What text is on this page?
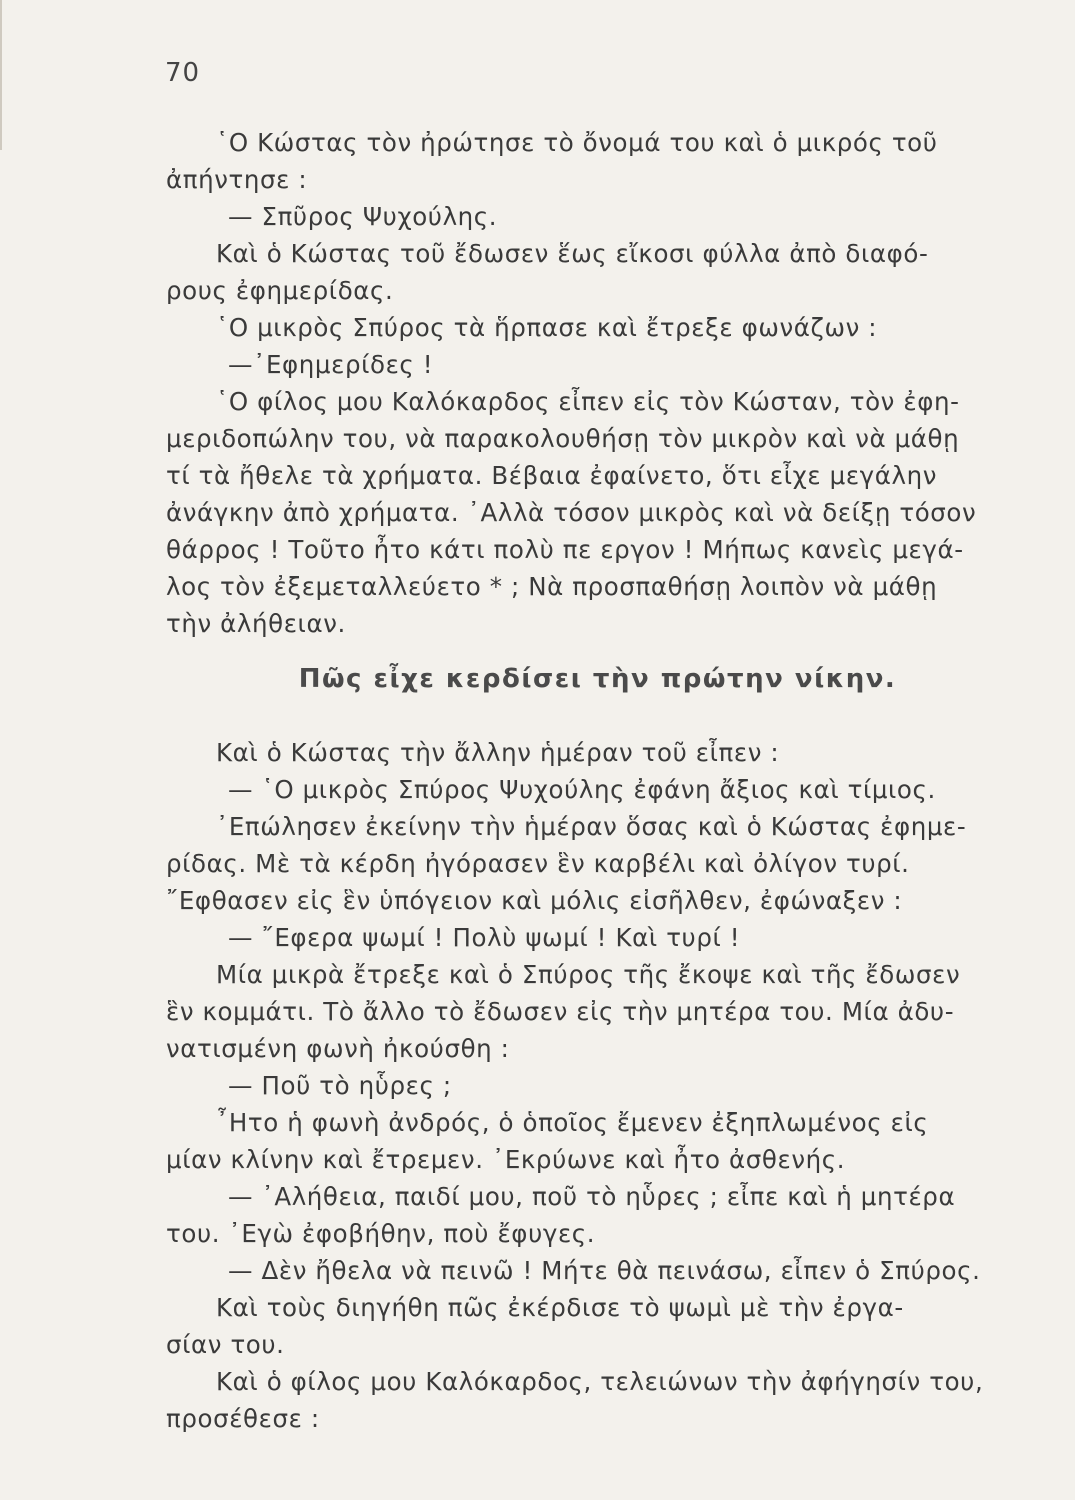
70
῾Ο Κώστας τὸν ἠρώτησε τὸ ὄνομά του καὶ ὁ μικρός τοῦ
ἀπήντησε :
— Σπῦρος Ψυχούλης.
Καὶ ὁ Κώστας τοῦ ἔδωσεν ἕως εἴκοσι φύλλα ἀπὸ διαφό-
ρους ἐφημερίδας.
῾Ο μικρὸς Σπύρος τὰ ἥρπασε καὶ ἔτρεξε φωνάζων :
—᾿Εφημερίδες !
῾Ο φίλος μου Καλόκαρδος εἶπεν εἰς τὸν Κώσταν, τὸν ἐφη-
μεριδοπώλην του, νὰ παρακολουθήσῃ τὸν μικρὸν καὶ νὰ μάθῃ
τί τὰ ἤθελε τὰ χρήματα. Βέβαια ἐφαίνετο, ὅτι εἶχε μεγάλην
ἀνάγκην ἀπὸ χρήματα. ᾿Αλλὰ τόσον μικρὸς καὶ νὰ δείξῃ τόσον
θάρρος ! Τοῦτο ἦτο κάτι πολὺ πε εργον ! Μήπως κανεὶς μεγά-
λος τὸν ἐξεμεταλλεύετο * ; Νὰ προσπαθήσῃ λοιπὸν νὰ μάθῃ
τὴν ἀλήθειαν.
Πῶς εἶχε κερδίσει τὴν πρώτην νίκην.
Καὶ ὁ Κώστας τὴν ἄλλην ἡμέραν τοῦ εἶπεν :
— ῾Ο μικρὸς Σπύρος Ψυχούλης ἐφάνη ἄξιος καὶ τίμιος.
᾿Επώλησεν ἐκείνην τὴν ἡμέραν ὅσας καὶ ὁ Κώστας ἐφημε-
ρίδας. Μὲ τὰ κέρδη ἠγόρασεν ἓν καρβέλι καὶ ὀλίγον τυρί.
῎Εφθασεν εἰς ἓν ὑπόγειον καὶ μόλις εἰσῆλθεν, ἐφώναξεν :
— ῎Εφερα ψωμί ! Πολὺ ψωμί ! Καὶ τυρί !
Μία μικρὰ ἔτρεξε καὶ ὁ Σπύρος τῆς ἔκοψε καὶ τῆς ἔδωσεν
ἓν κομμάτι. Τὸ ἄλλο τὸ ἔδωσεν εἰς τὴν μητέρα του. Μία ἀδυ-
νατισμένη φωνὴ ἠκούσθη :
— Ποῦ τὸ ηὗρες ;
῏Ητο ἡ φωνὴ ἀνδρός, ὁ ὁποῖος ἔμενεν ἐξηπλωμένος εἰς
μίαν κλίνην καὶ ἔτρεμεν. ᾿Εκρύωνε καὶ ἦτο ἀσθενής.
— ᾿Αλήθεια, παιδί μου, ποῦ τὸ ηὗρες ; εἶπε καὶ ἡ μητέρα
του. ᾿Εγὼ ἐφοβήθην, ποὺ ἔφυγες.
— Δὲν ἤθελα νὰ πεινῶ ! Μήτε θὰ πεινάσω, εἶπεν ὁ Σπύρος.
Καὶ τοὺς διηγήθη πῶς ἐκέρδισε τὸ ψωμὶ μὲ τὴν ἐργα-
σίαν του.
Καὶ ὁ φίλος μου Καλόκαρδος, τελειώνων τὴν ἀφήγησίν του,
προσέθεσε :
